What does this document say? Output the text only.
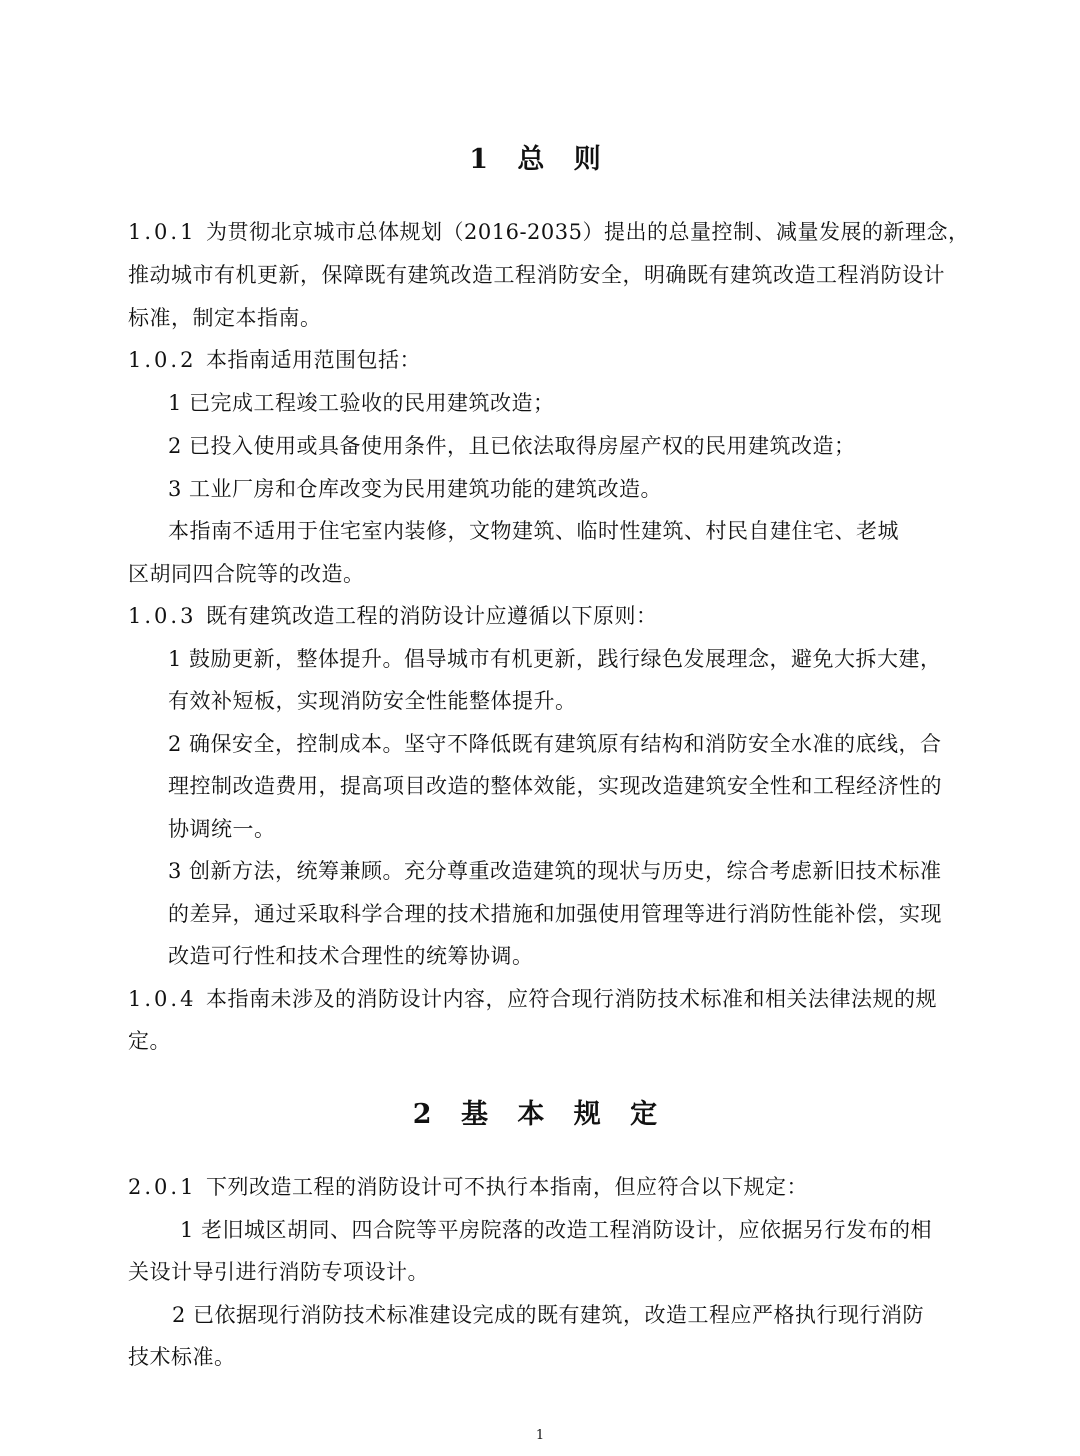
1 总 则
1.0.1 为贯彻北京城市总体规划（2016-2035）提出的总量控制、减量发展的新理念，
推动城市有机更新，保障既有建筑改造工程消防安全，明确既有建筑改造工程消防设计
标准，制定本指南。
1.0.2 本指南适用范围包括：
1 已完成工程竣工验收的民用建筑改造；
2 已投入使用或具备使用条件，且已依法取得房屋产权的民用建筑改造；
3 工业厂房和仓库改变为民用建筑功能的建筑改造。
本指南不适用于住宅室内装修，文物建筑、临时性建筑、村民自建住宅、老城
区胡同四合院等的改造。
1.0.3 既有建筑改造工程的消防设计应遵循以下原则：
1 鼓励更新，整体提升。倡导城市有机更新，践行绿色发展理念，避免大拆大建，
有效补短板，实现消防安全性能整体提升。
2 确保安全，控制成本。坚守不降低既有建筑原有结构和消防安全水准的底线，合
理控制改造费用，提高项目改造的整体效能，实现改造建筑安全性和工程经济性的
协调统一。
3 创新方法，统筹兼顾。充分尊重改造建筑的现状与历史，综合考虑新旧技术标准
的差异，通过采取科学合理的技术措施和加强使用管理等进行消防性能补偿，实现
改造可行性和技术合理性的统筹协调。
1.0.4 本指南未涉及的消防设计内容，应符合现行消防技术标准和相关法律法规的规
定。
2 基 本 规 定
2.0.1 下列改造工程的消防设计可不执行本指南，但应符合以下规定：
1 老旧城区胡同、四合院等平房院落的改造工程消防设计，应依据另行发布的相
关设计导引进行消防专项设计。
2 已依据现行消防技术标准建设完成的既有建筑，改造工程应严格执行现行消防
技术标准。
1
